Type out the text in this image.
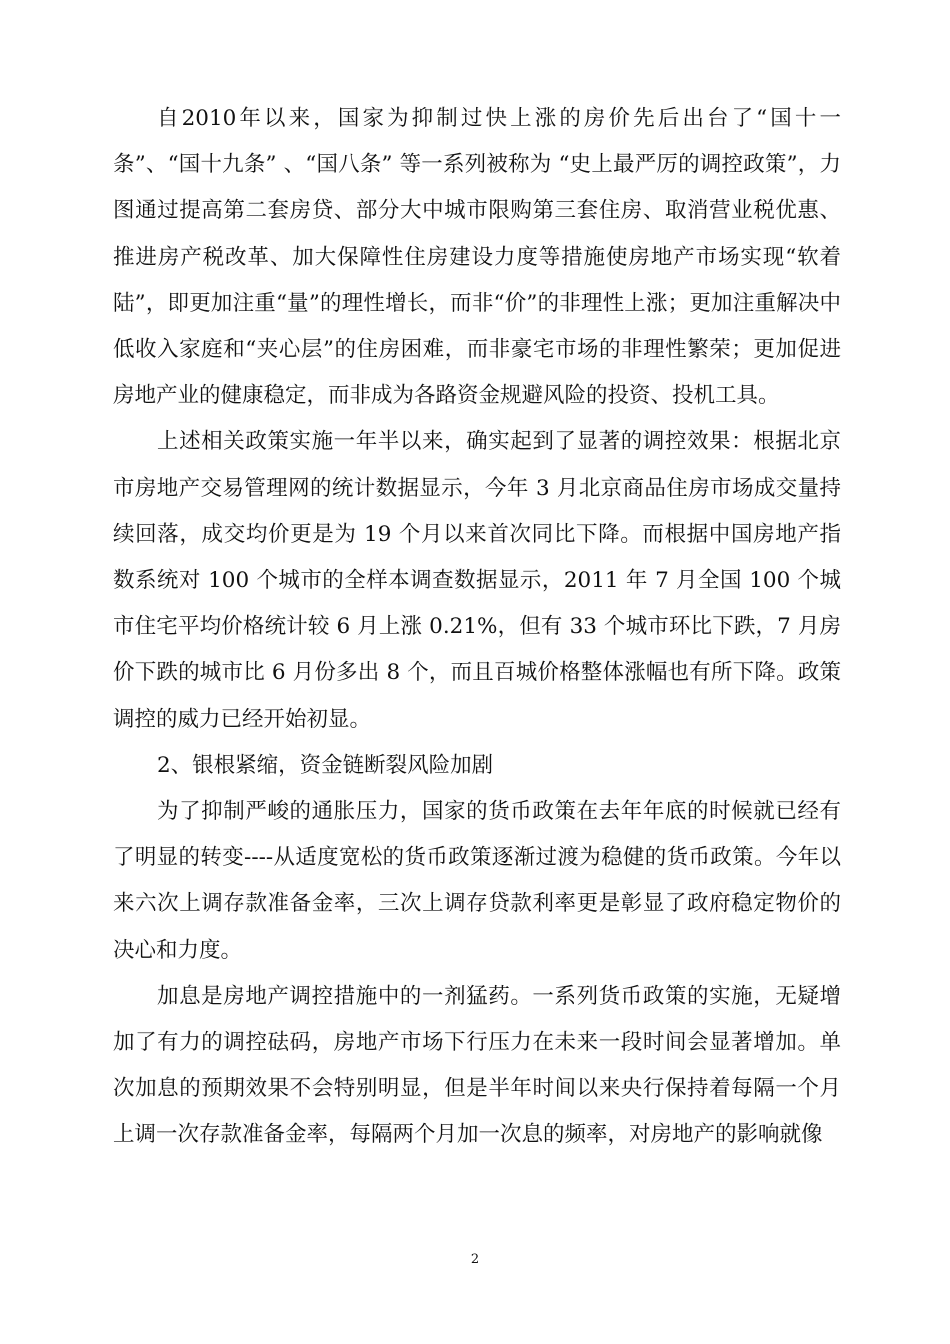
自2010年以来，国家为抑制过快上涨的房价先后出台了“国十一条”、“国十九条” 、“国八条” 等一系列被称为 “史上最严厉的调控政策”，力图通过提高第二套房贷、部分大中城市限购第三套住房、取消营业税优惠、推进房产税改革、加大保障性住房建设力度等措施使房地产市场实现“软着陆”，即更加注重“量”的理性增长，而非“价”的非理性上涨；更加注重解决中低收入家庭和“夹心层”的住房困难，而非豪宅市场的非理性繁荣；更加促进房地产业的健康稳定，而非成为各路资金规避风险的投资、投机工具。

上述相关政策实施一年半以来，确实起到了显著的调控效果：根据北京市房地产交易管理网的统计数据显示，今年 3 月北京商品住房市场成交量持续回落，成交均价更是为 19 个月以来首次同比下降。而根据中国房地产指数系统对 100 个城市的全样本调查数据显示，2011 年 7 月全国 100 个城市住宅平均价格统计较 6 月上涨 0.21%，但有 33 个城市环比下跌，7 月房价下跌的城市比 6 月份多出 8 个，而且百城价格整体涨幅也有所下降。政策调控的威力已经开始初显。

2、银根紧缩，资金链断裂风险加剧

为了抑制严峻的通胀压力，国家的货币政策在去年年底的时候就已经有了明显的转变----从适度宽松的货币政策逐渐过渡为稳健的货币政策。今年以来六次上调存款准备金率，三次上调存贷款利率更是彰显了政府稳定物价的决心和力度。

加息是房地产调控措施中的一剂猛药。一系列货币政策的实施，无疑增加了有力的调控砝码，房地产市场下行压力在未来一段时间会显著增加。单次加息的预期效果不会特别明显，但是半年时间以来央行保持着每隔一个月上调一次存款准备金率，每隔两个月加一次息的频率，对房地产的影响就像

2
